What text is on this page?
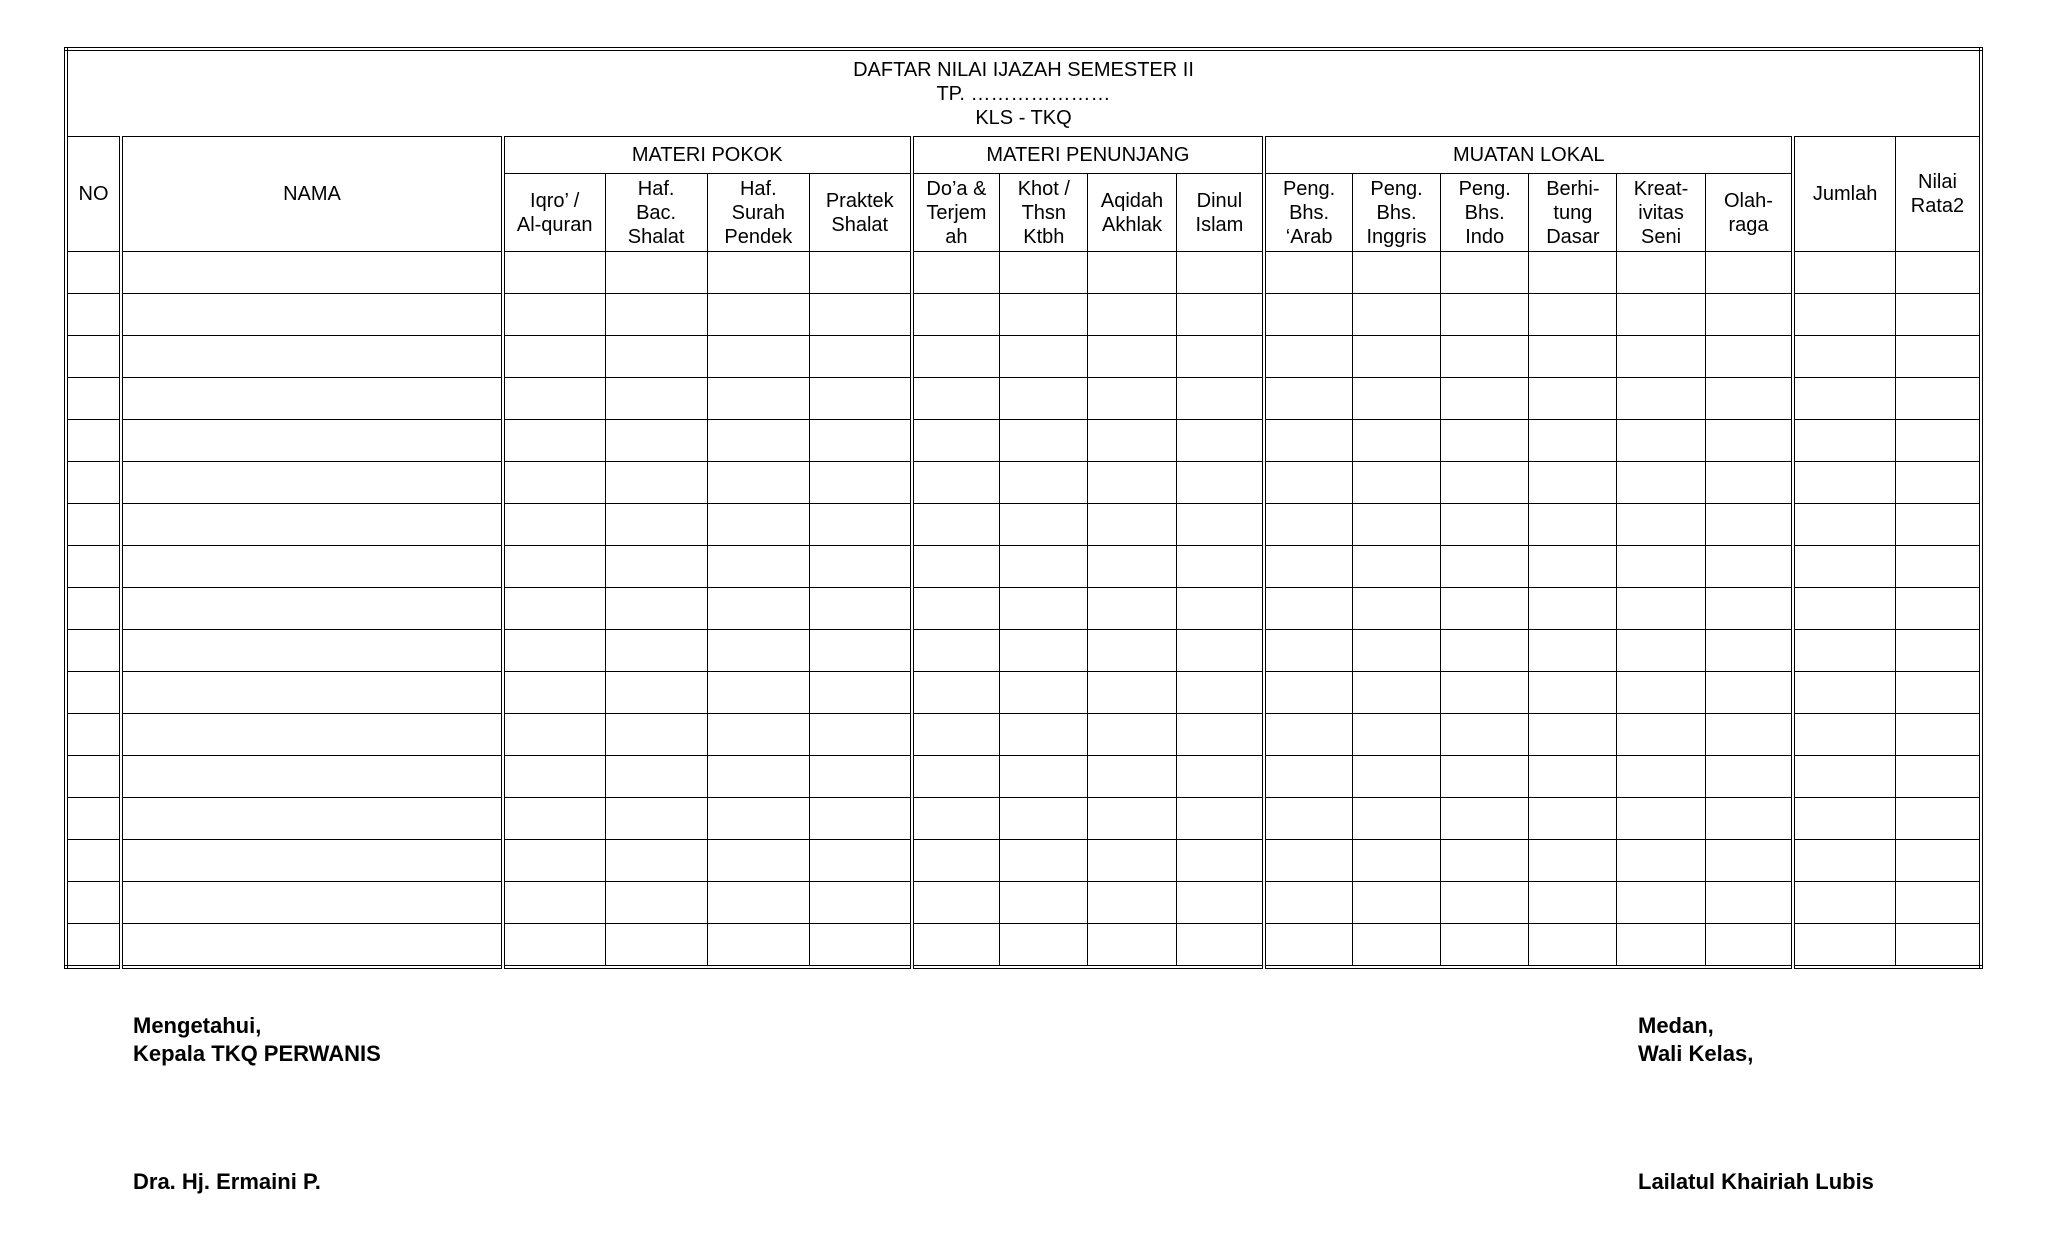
DAFTAR NILAI IJAZAH SEMESTER II
TP. …………………
KLS - TKQ																	

NO	NAMA	MATERI POKOK				MATERI PENUNJANG				MUATAN LOKAL						Jumlah	Nilai
Rata2

		Iqro’ /
Al-quran	Haf.
Bac.
Shalat	Haf.
Surah
Pendek	Praktek
Shalat	Do’a &
Terjem
ah	Khot /
Thsn
Ktbh	Aqidah
Akhlak	Dinul
Islam	Peng.
Bhs.
‘Arab	Peng.
Bhs.
Inggris	Peng.
Bhs.
Indo	Berhi-
tung
Dasar	Kreat-
ivitas
Seni	Olah-
raga		

Mengetahui,
Kepala TKQ PERWANIS
Dra. Hj. Ermaini P.
Medan,
Wali Kelas,
Lailatul Khairiah Lubis
